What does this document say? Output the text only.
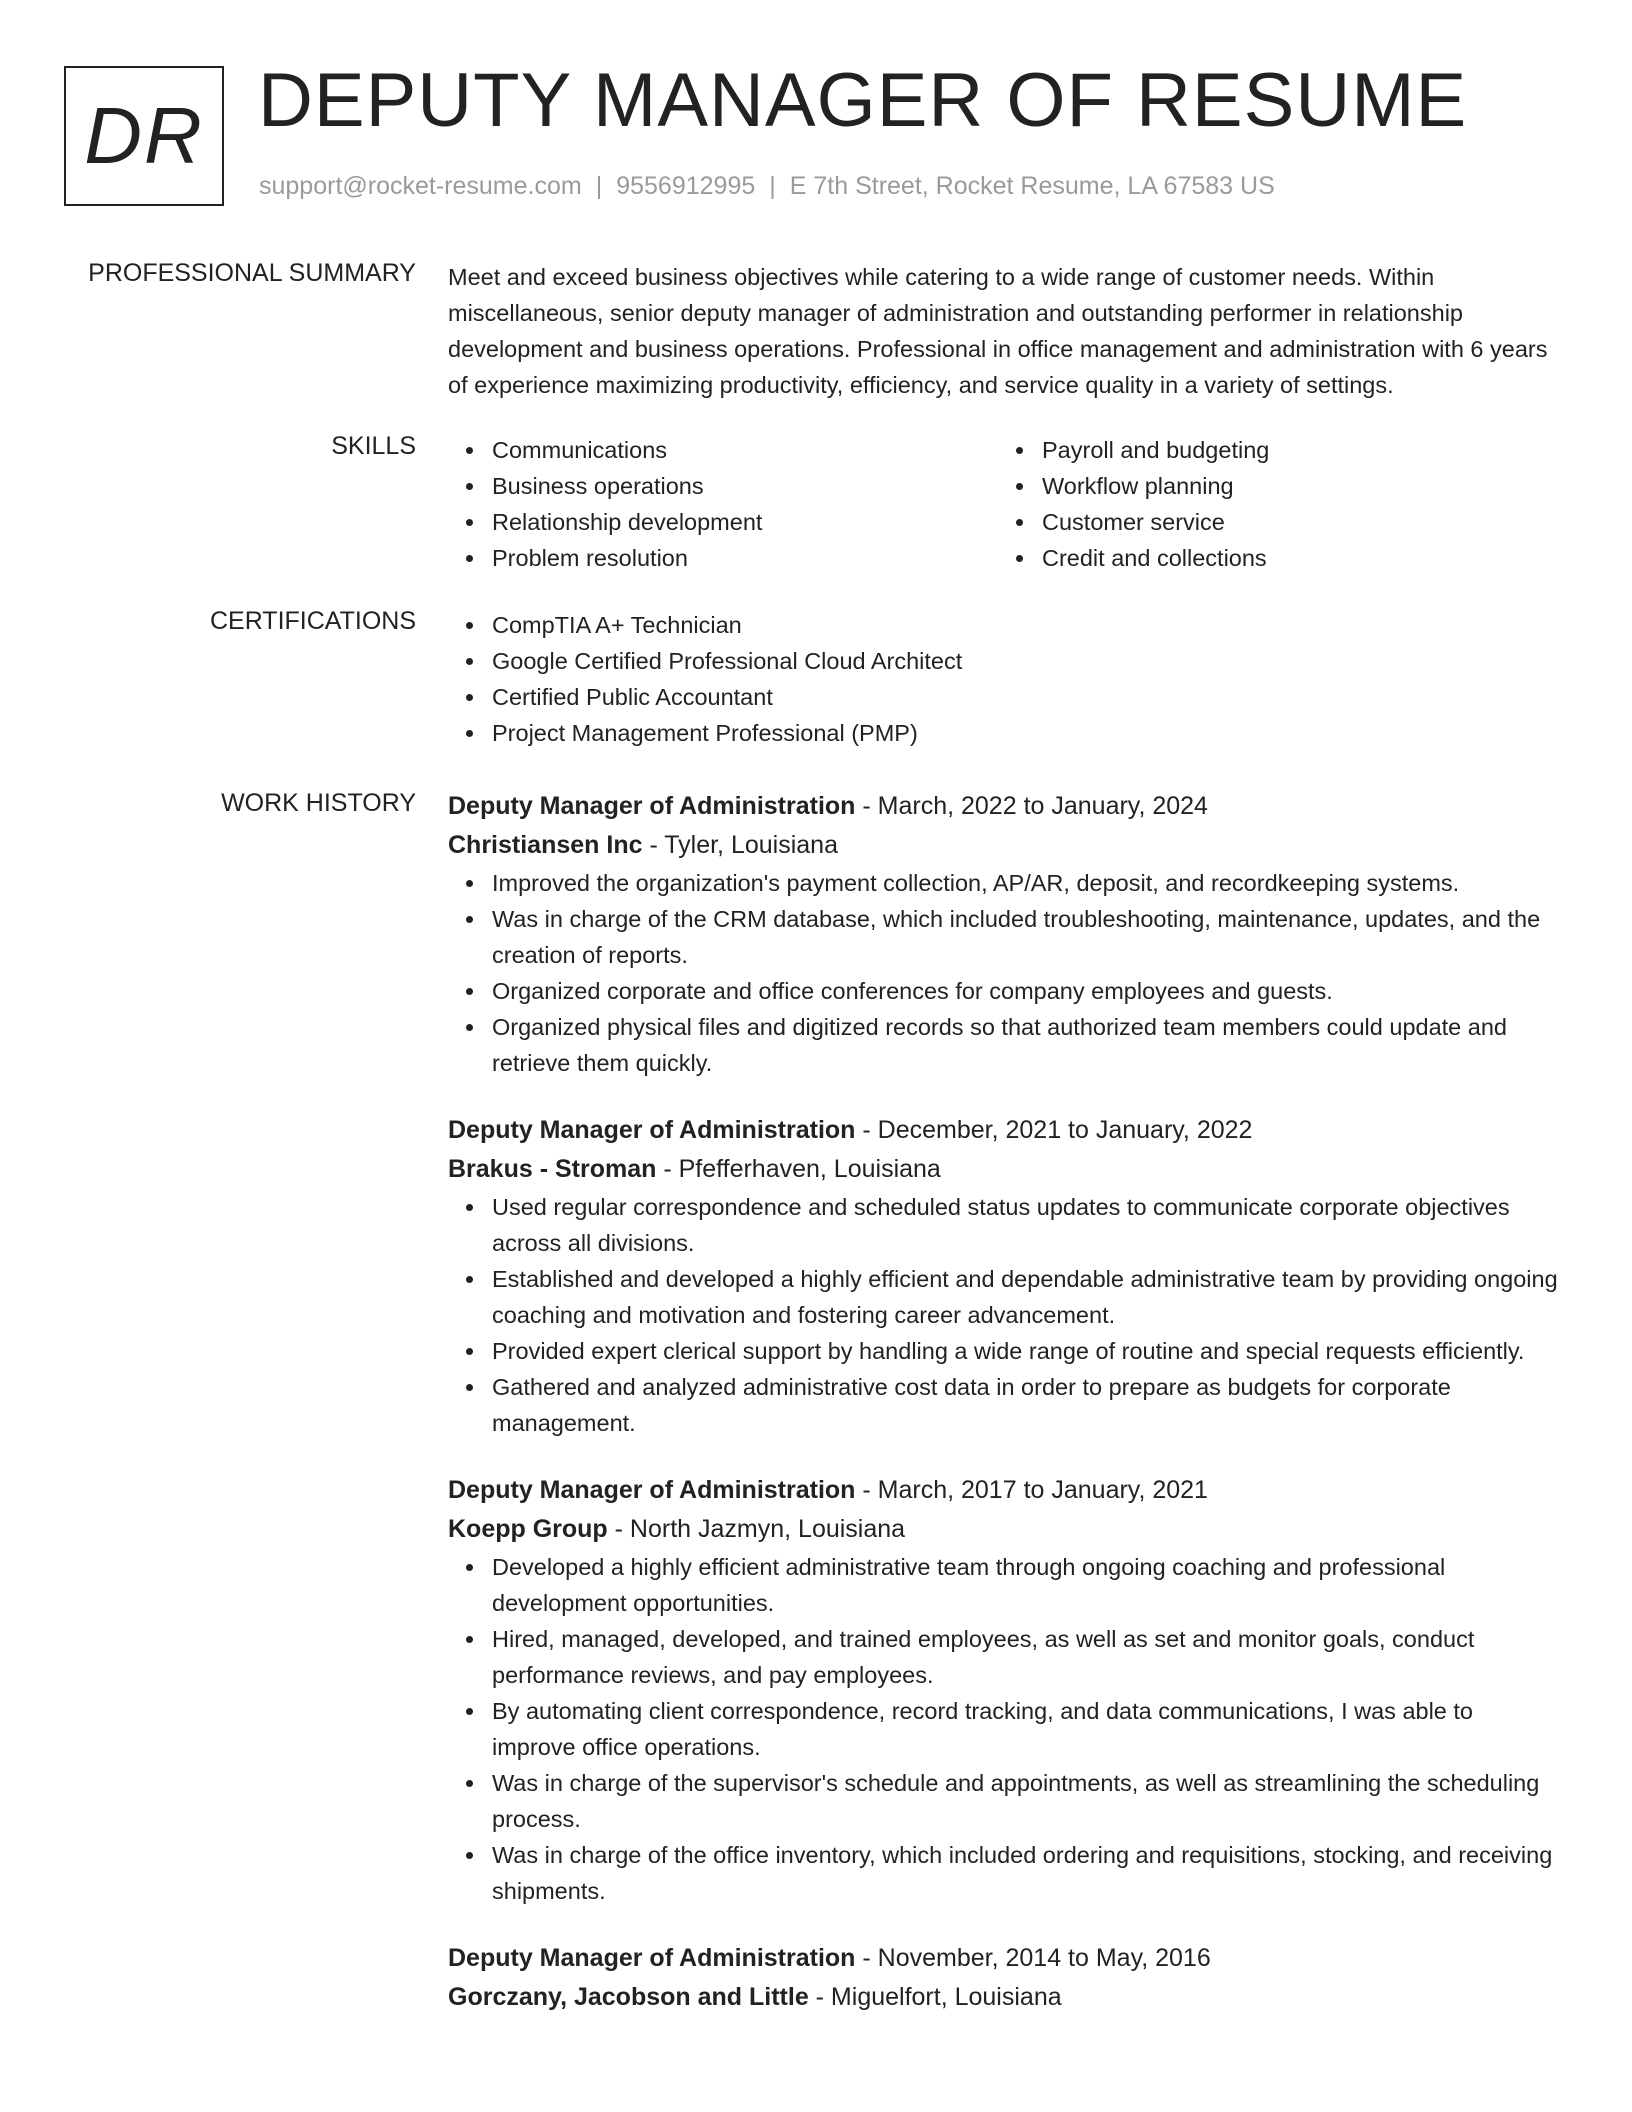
DR DEPUTY MANAGER OF RESUME
support@rocket-resume.com | 9556912995 | E 7th Street, Rocket Resume, LA 67583 US
PROFESSIONAL SUMMARY Meet and exceed business objectives while catering to a wide range of customer needs. Within miscellaneous, senior deputy manager of administration and outstanding performer in relationship development and business operations. Professional in office management and administration with 6 years of experience maximizing productivity, efficiency, and service quality in a variety of settings.

SKILLS	Communications
Business operations
Relationship development
Problem resolution
Payroll and budgeting
Workflow planning
Customer service
Credit and collections
CERTIFICATIONS	CompTIA A+ Technician
Google Certified Professional Cloud Architect
Certified Public Accountant
Project Management Professional (PMP)
WORK HISTORY Deputy Manager of Administration - March, 2022 to January, 2024
Christiansen Inc - Tyler, Louisiana
Improved the organization's payment collection, AP/AR, deposit, and recordkeeping systems.
Was in charge of the CRM database, which included troubleshooting, maintenance, updates, and the creation of reports.
Organized corporate and office conferences for company employees and guests.
Organized physical files and digitized records so that authorized team members could update and retrieve them quickly.
Deputy Manager of Administration - December, 2021 to January, 2022
Brakus - Stroman - Pfefferhaven, Louisiana
Used regular correspondence and scheduled status updates to communicate corporate objectives across all divisions.
Established and developed a highly efficient and dependable administrative team by providing ongoing coaching and motivation and fostering career advancement.
Provided expert clerical support by handling a wide range of routine and special requests efficiently.
Gathered and analyzed administrative cost data in order to prepare as budgets for corporate management.
Deputy Manager of Administration - March, 2017 to January, 2021
Koepp Group - North Jazmyn, Louisiana
Developed a highly efficient administrative team through ongoing coaching and professional development opportunities.
Hired, managed, developed, and trained employees, as well as set and monitor goals, conduct performance reviews, and pay employees.
By automating client correspondence, record tracking, and data communications, I was able to improve office operations.
Was in charge of the supervisor's schedule and appointments, as well as streamlining the scheduling process.
Was in charge of the office inventory, which included ordering and requisitions, stocking, and receiving shipments.
Deputy Manager of Administration - November, 2014 to May, 2016
Gorczany, Jacobson and Little - Miguelfort, Louisiana
